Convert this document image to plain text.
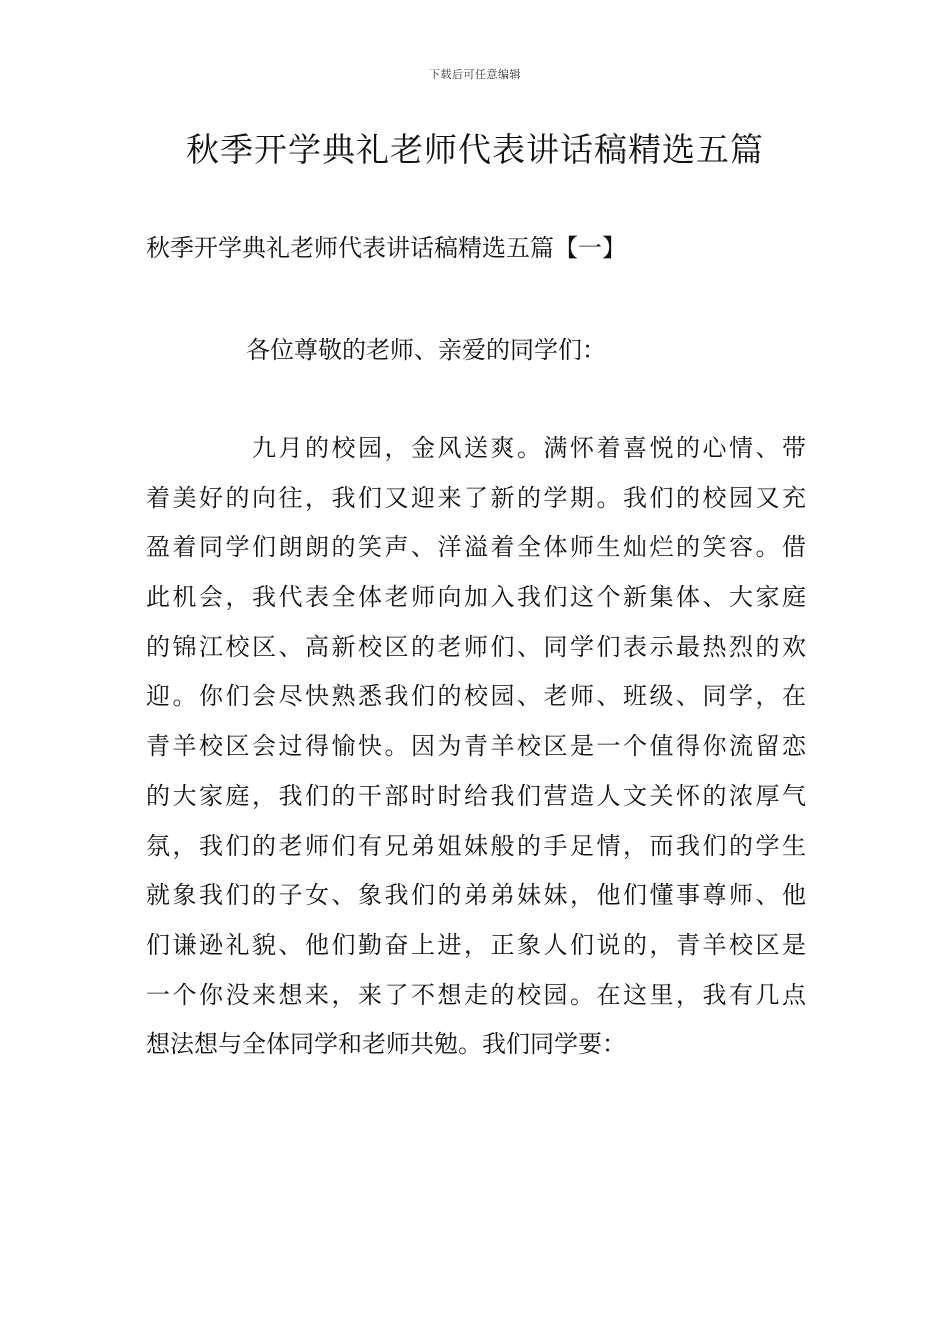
下载后可任意编辑
秋季开学典礼老师代表讲话稿精选五篇
秋季开学典礼老师代表讲话稿精选五篇【一】

各位尊敬的老师、亲爱的同学们：

九月的校园，金风送爽。满怀着喜悦的心情、带
着美好的向往，我们又迎来了新的学期。我们的校园又充
盈着同学们朗朗的笑声、洋溢着全体师生灿烂的笑容。借
此机会，我代表全体老师向加入我们这个新集体、大家庭
的锦江校区、高新校区的老师们、同学们表示最热烈的欢
迎。你们会尽快熟悉我们的校园、老师、班级、同学，在
青羊校区会过得愉快。因为青羊校区是一个值得你流留恋
的大家庭，我们的干部时时给我们营造人文关怀的浓厚气
氛，我们的老师们有兄弟姐妹般的手足情，而我们的学生
就象我们的子女、象我们的弟弟妹妹，他们懂事尊师、他
们谦逊礼貌、他们勤奋上进，正象人们说的，青羊校区是
一个你没来想来，来了不想走的校园。在这里，我有几点
想法想与全体同学和老师共勉。我们同学要：
